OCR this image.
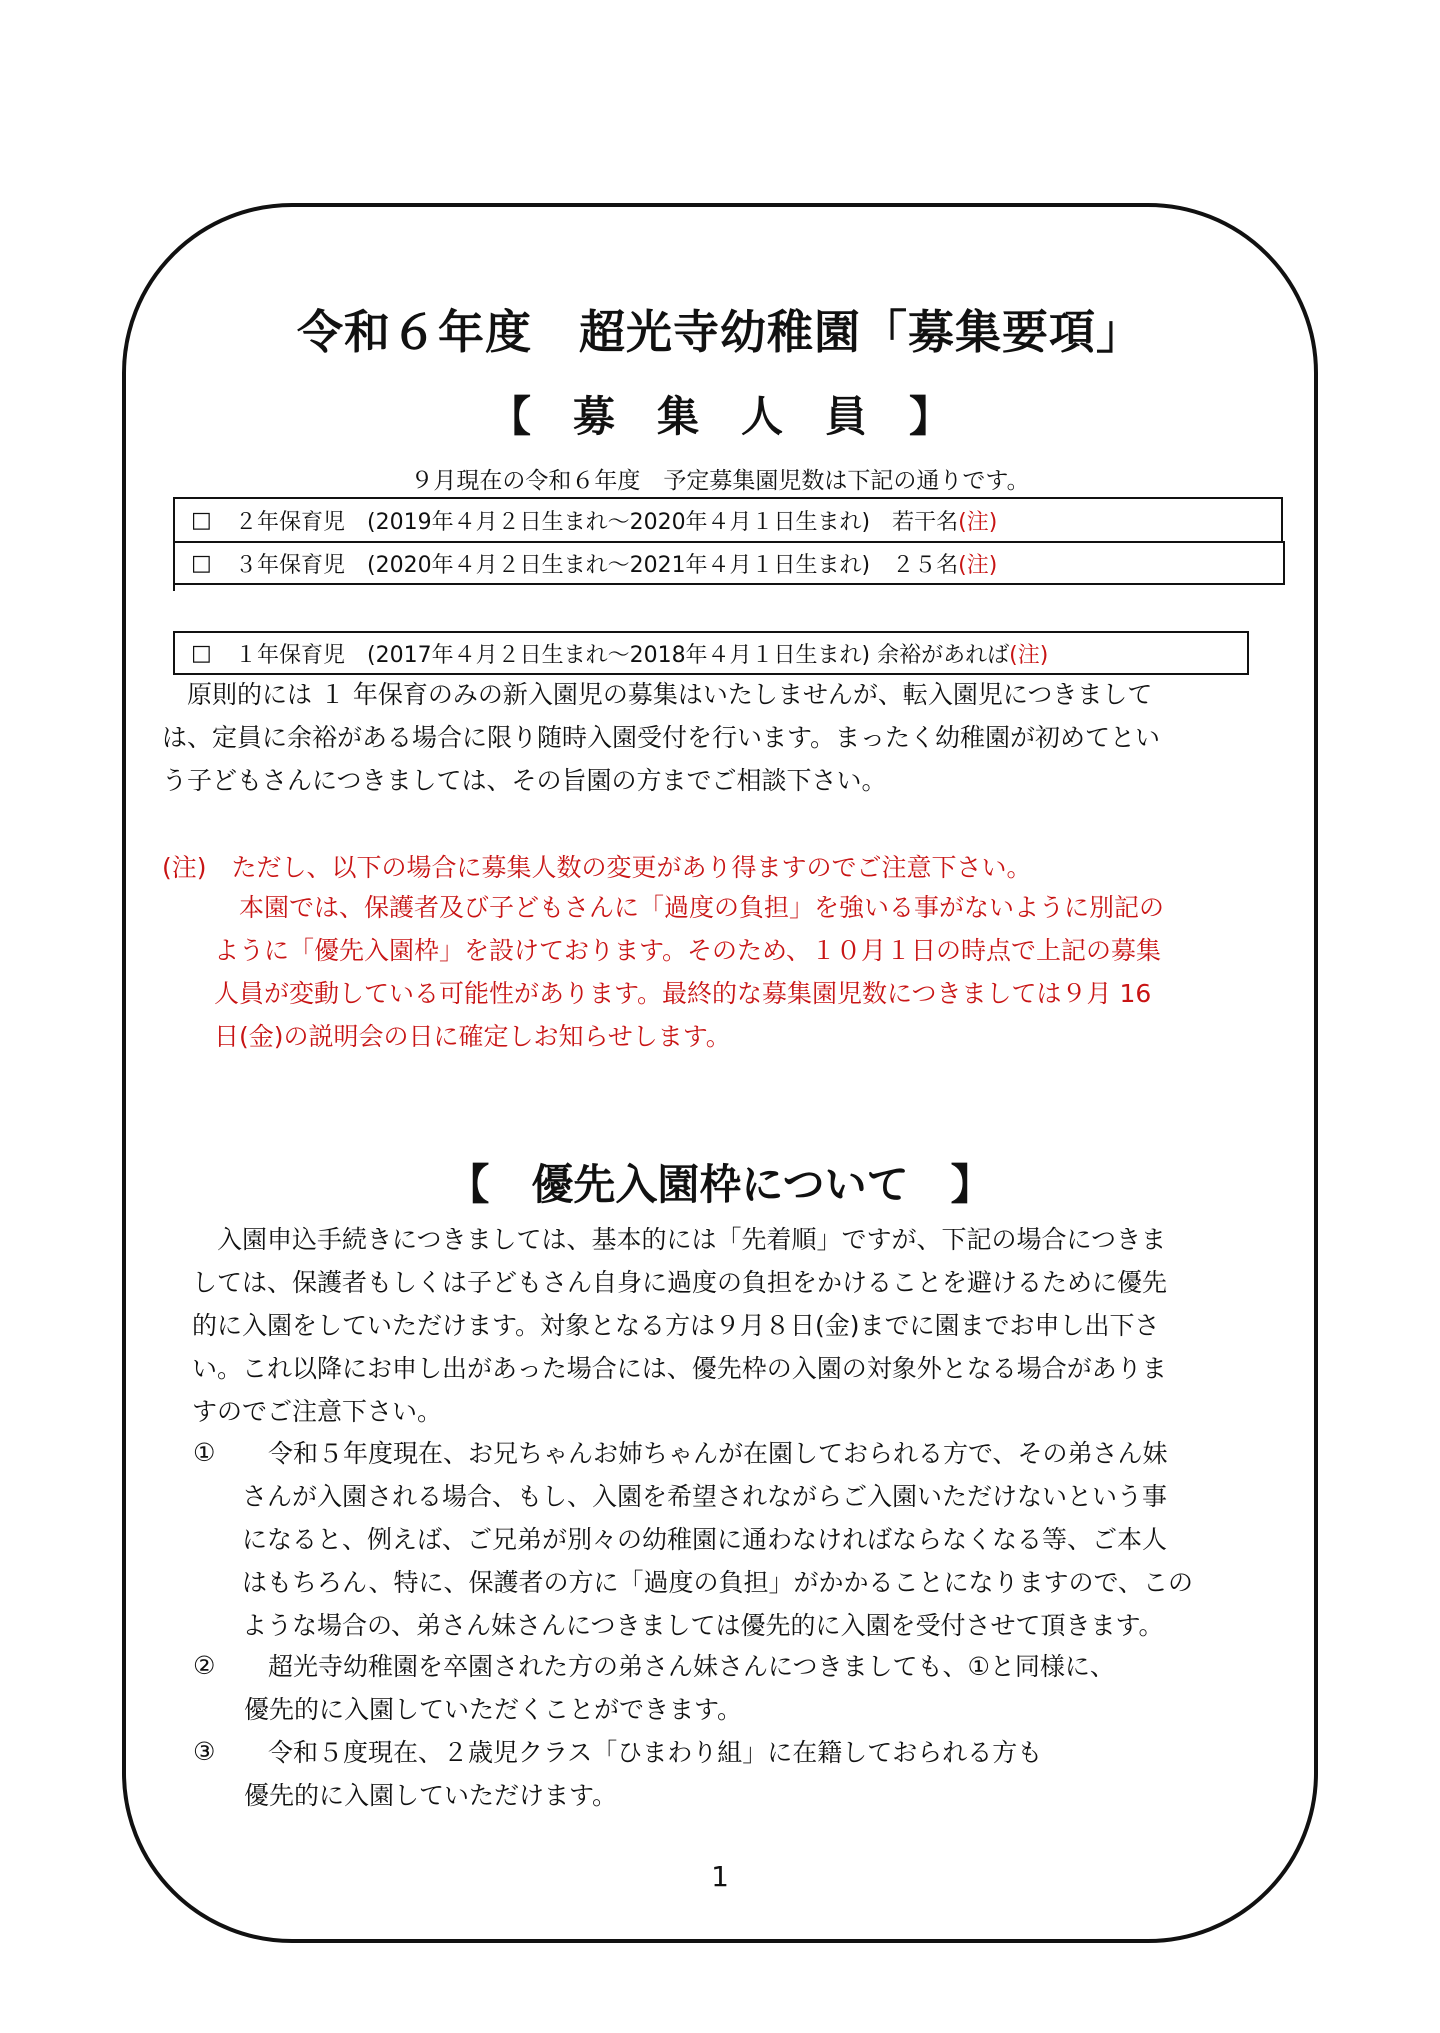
令和６年度　超光寺幼稚園「募集要項」
【　募　集　人　員　】
９月現在の令和６年度　予定募集園児数は下記の通りです。
□	２年保育児　(2019年４月２日生まれ～2020年４月１日生まれ)　若干名 (注)
□	３年保育児　(2020年４月２日生まれ～2021年４月１日生まれ)　２５名 (注)
□	１年保育児　(2017年４月２日生まれ～2018年４月１日生まれ) 余裕があれば (注)
　原則的には １ 年保育のみの新入園児の募集はいたしませんが、転入園児につきまして
は、定員に余裕がある場合に限り随時入園受付を行います。まったく幼稚園が初めてとい
う子どもさんにつきましては、その旨園の方までご相談下さい。
(注)　ただし、以下の場合に募集人数の変更があり得ますのでご注意下さい。
　本園では、保護者及び子どもさんに「過度の負担」を強いる事がないように別記の
ように「優先入園枠」を設けております。そのため、１０月１日の時点で上記の募集
人員が変動している可能性があります。最終的な募集園児数につきましては９月 16
日(金)の説明会の日に確定しお知らせします。
【　優先入園枠について　】
　入園申込手続きにつきましては、基本的には「先着順」ですが、下記の場合につきま
しては、保護者もしくは子どもさん自身に過度の負担をかけることを避けるために優先
的に入園をしていただけます。対象となる方は９月８日(金)までに園までお申し出下さ
い。これ以降にお申し出があった場合には、優先枠の入園の対象外となる場合がありま
すのでご注意下さい。
①	令和５年度現在、お兄ちゃんお姉ちゃんが在園しておられる方で、その弟さん妹
さんが入園される場合、もし、入園を希望されながらご入園いただけないという事
になると、例えば、ご兄弟が別々の幼稚園に通わなければならなくなる等、ご本人
はもちろん、特に、保護者の方に「過度の負担」がかかることになりますので、この
ような場合の、弟さん妹さんにつきましては優先的に入園を受付させて頂きます。
②	超光寺幼稚園を卒園された方の弟さん妹さんにつきましても、①と同様に、
優先的に入園していただくことができます。
③	令和５度現在、２歳児クラス「ひまわり組」に在籍しておられる方も
優先的に入園していただけます。
1
